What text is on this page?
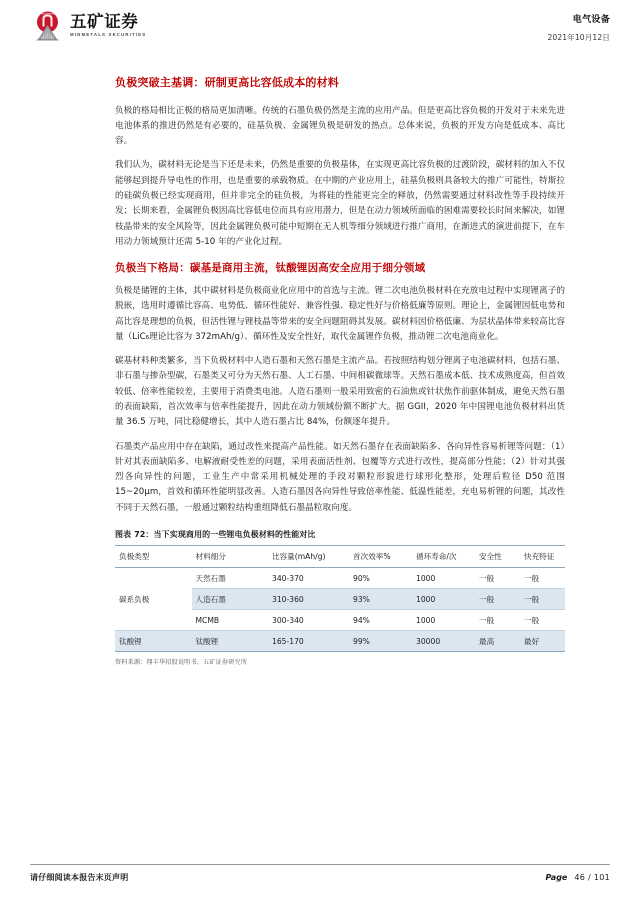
CHINA MINMETALS 五矿证券
MINMETALS SECURITIES
电气设备
2021年10月12日
负极突破主基调：研制更高比容低成本的材料

负极的格局相比正极的格局更加清晰。传统的石墨负极仍然是主流的应用产品。但是更高比容负极的开发对于未来先进电池体系的推进仍然是有必要的，硅基负极、金属锂负极是研发的热点。总体来说，负极的开发方向是低成本、高比容。

我们认为，碳材料无论是当下还是未来，仍然是重要的负极基体，在实现更高比容负极的过渡阶段，碳材料的加入不仅能够起到提升导电性的作用，也是重要的承载物质。在中期的产业应用上，硅基负极则具备较大的推广可能性，特斯拉的硅碳负极已经实现商用，但并非完全的硅负极，为将硅的性能更完全的释放，仍然需要通过材料改性等手段持续开发；长期来看，金属锂负极因高比容低电位而具有应用潜力，但是在动力领域所面临的困难需要较长时间来解决，如锂枝晶带来的安全风险等，因此金属锂负极可能中短期在无人机等细分领域进行推广商用，在渐进式的演进前提下，在车用动力领域预计还需 5-10 年的产业化过程。

负极当下格局：碳基是商用主流，钛酸锂因高安全应用于细分领域

负极是储锂的主体，其中碳材料是负极商业化应用中的首选与主流。锂二次电池负极材料在充放电过程中实现锂离子的脱嵌，选用时遵循比容高、电势低、循环性能好、兼容性强、稳定性好与价格低廉等原则。理论上，金属锂因低电势和高比容是理想的负极，但活性锂与锂枝晶等带来的安全问题阻碍其发展。碳材料因价格低廉、为层状晶体带来较高比容量（LiC₆理论比容为 372mAh/g）、循环性及安全性好，取代金属锂作负极，推动锂二次电池商业化。

碳基材料种类繁多，当下负极材料中人造石墨和天然石墨是主流产品。若按照结构划分锂离子电池碳材料，包括石墨、非石墨与掺杂型碳，石墨类又可分为天然石墨、人工石墨、中间相碳微球等。天然石墨成本低、技术成熟度高，但首效较低、倍率性能较差，主要用于消费类电池。人造石墨则一般采用致密的石油焦或针状焦作前驱体制成，避免天然石墨的表面缺陷，首次效率与倍率性能提升，因此在动力领域份额不断扩大。据 GGII，2020 年中国锂电池负极材料出货量 36.5 万吨，同比稳健增长，其中人造石墨占比 84%，份额逐年提升。

石墨类产品应用中存在缺陷，通过改性来提高产品性能。如天然石墨存在表面缺陷多、各向异性容易析锂等问题：（1）针对其表面缺陷多、电解液耐受性差的问题，采用表面活性剂、包覆等方式进行改性，提高部分性能；（2）针对其强烈各向异性的问题，工业生产中常采用机械处理的手段对颗粒形貌进行球形化整形，处理后粒径 D50 范围 15~20μm，首效和循环性能明显改善。人造石墨因各向异性导致倍率性能、低温性能差，充电易析锂的问题，其改性不同于天然石墨，一般通过颗粒结构重组降低石墨晶粒取向度。

图表 72：当下实现商用的一些锂电负极材料的性能对比
负极类型	材料细分	比容量(mAh/g)	首次效率%	循环寿命/次	安全性	快充特征
碳系负极	天然石墨	340-370	90%	1000	一般	一般
	人造石墨	310-360	93%	1000	一般	一般
	MCMB	300-340	94%	1000	一般	一般
钛酸锂	钛酸锂	165-170	99%	30000	最高	最好
资料来源：翔丰华招股说明书、五矿证券研究所
请仔细阅读本报告末页声明	Page 46 / 101
